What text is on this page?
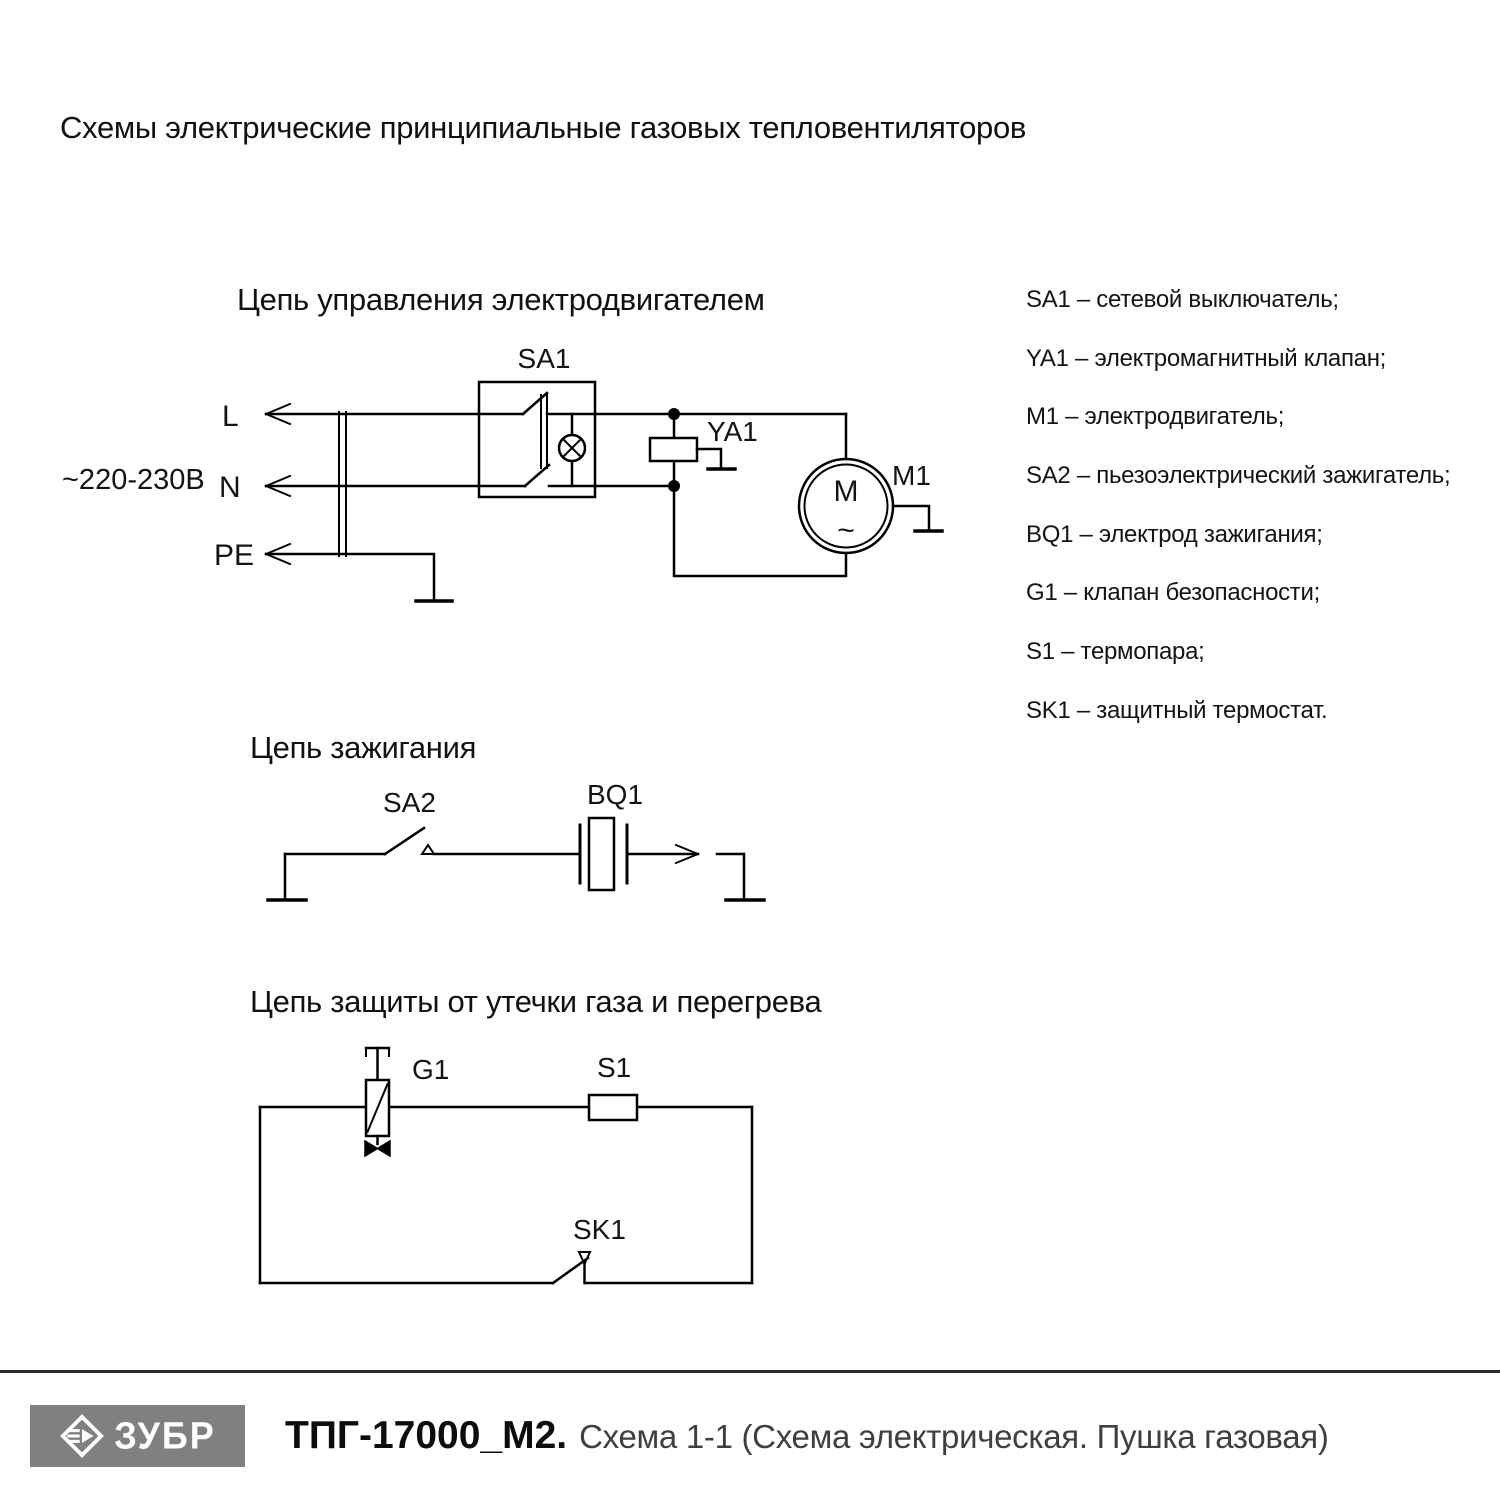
Схемы электрические принципиальные газовых тепловентиляторов
Цепь управления электродвигателем
Цепь зажигания
Цепь защиты от утечки газа и перегрева
~220-230В
L
N
PE
SA1
YA1
M1
M
~
SA2	BQ1
G1	S1
SK1
SA1 – сетевой выключатель;
YA1 – электромагнитный клапан;
M1 – электродвигатель;
SA2 – пьезоэлектрический зажигатель;
BQ1 – электрод зажигания;
G1 – клапан безопасности;
S1 – термопара;
SK1 – защитный термостат.
ЗУБР ТПГ-17000_М2. Схема 1-1 (Схема электрическая. Пушка газовая)
